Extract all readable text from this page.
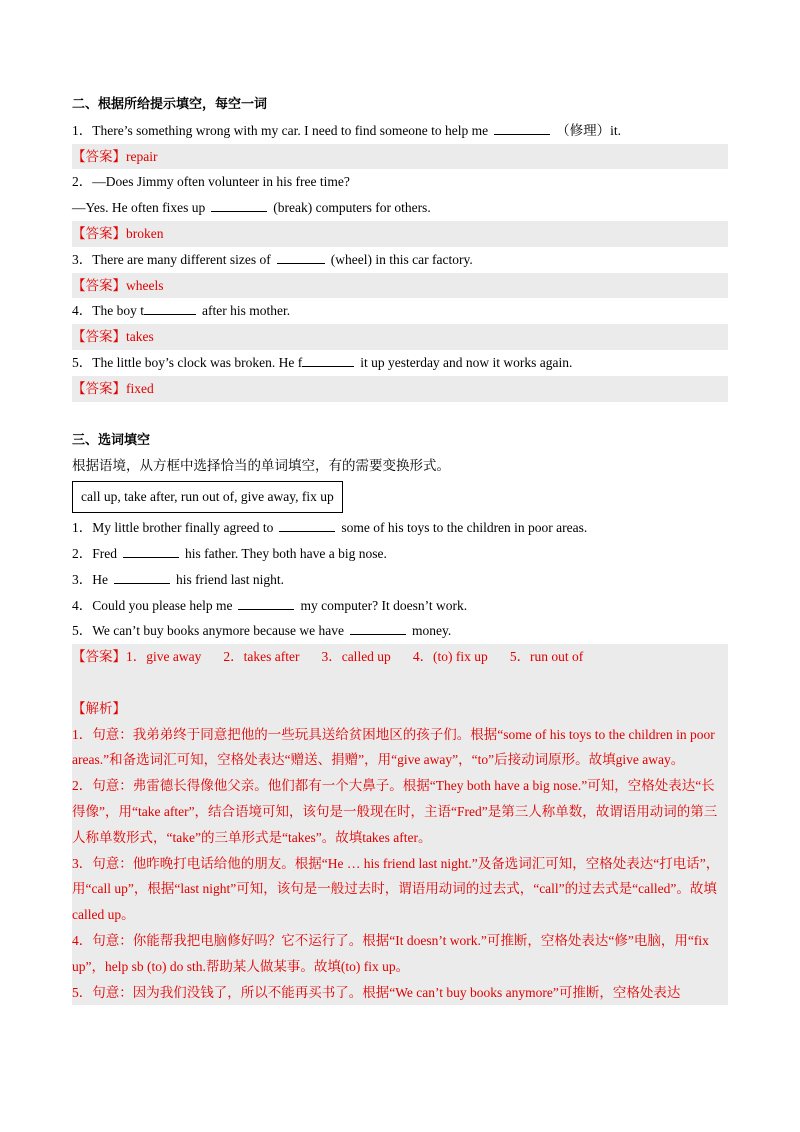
二、根据所给提示填空，每空一词
1．There’s something wrong with my car. I need to find someone to help me	（修理）it.
【答案】repair
2．—Does Jimmy often volunteer in his free time?
—Yes. He often fixes up	(break) computers for others.
【答案】broken
3．There are many different sizes of	(wheel) in this car factory.
【答案】wheels
4．The boy t	after his mother.
【答案】takes
5．The little boy’s clock was broken. He f	it up yesterday and now it works again.
【答案】fixed
三、选词填空
根据语境，从方框中选择恰当的单词填空，有的需要变换形式。
call up, take after, run out of, give away, fix up
1．My little brother finally agreed to	some of his toys to the children in poor areas.
2．Fred	his father. They both have a big nose.
3．He	his friend last night.
4．Could you please help me	my computer? It doesn’t work.
5．We can’t buy books anymore because we have	money.
【答案】1．give away 2．takes after 3．called up 4．(to) fix up 5．run out of
【解析】
1．句意：我弟弟终于同意把他的一些玩具送给贫困地区的孩子们。根据“some of his toys to the children in poor areas.”和备选词汇可知，空格处表达“赠送、捐赠”，用“give away”，“to”后接动词原形。故填give away。
2．句意：弗雷德长得像他父亲。他们都有一个大鼻子。根据“They both have a big nose.”可知，空格处表达“长得像”，用“take after”，结合语境可知，该句是一般现在时，主语“Fred”是第三人称单数，故谓语用动词的第三人称单数形式，“take”的三单形式是“takes”。故填takes after。
3．句意：他昨晚打电话给他的朋友。根据“He … his friend last night.”及备选词汇可知，空格处表达“打电话”，用“call up”，根据“last night”可知，该句是一般过去时，谓语用动词的过去式，“call”的过去式是“called”。故填called up。
4．句意：你能帮我把电脑修好吗？它不运行了。根据“It doesn’t work.”可推断，空格处表达“修”电脑，用“fix up”，help sb (to) do sth.帮助某人做某事。故填(to) fix up。
5．句意：因为我们没钱了，所以不能再买书了。根据“We can’t buy books anymore”可推断，空格处表达
